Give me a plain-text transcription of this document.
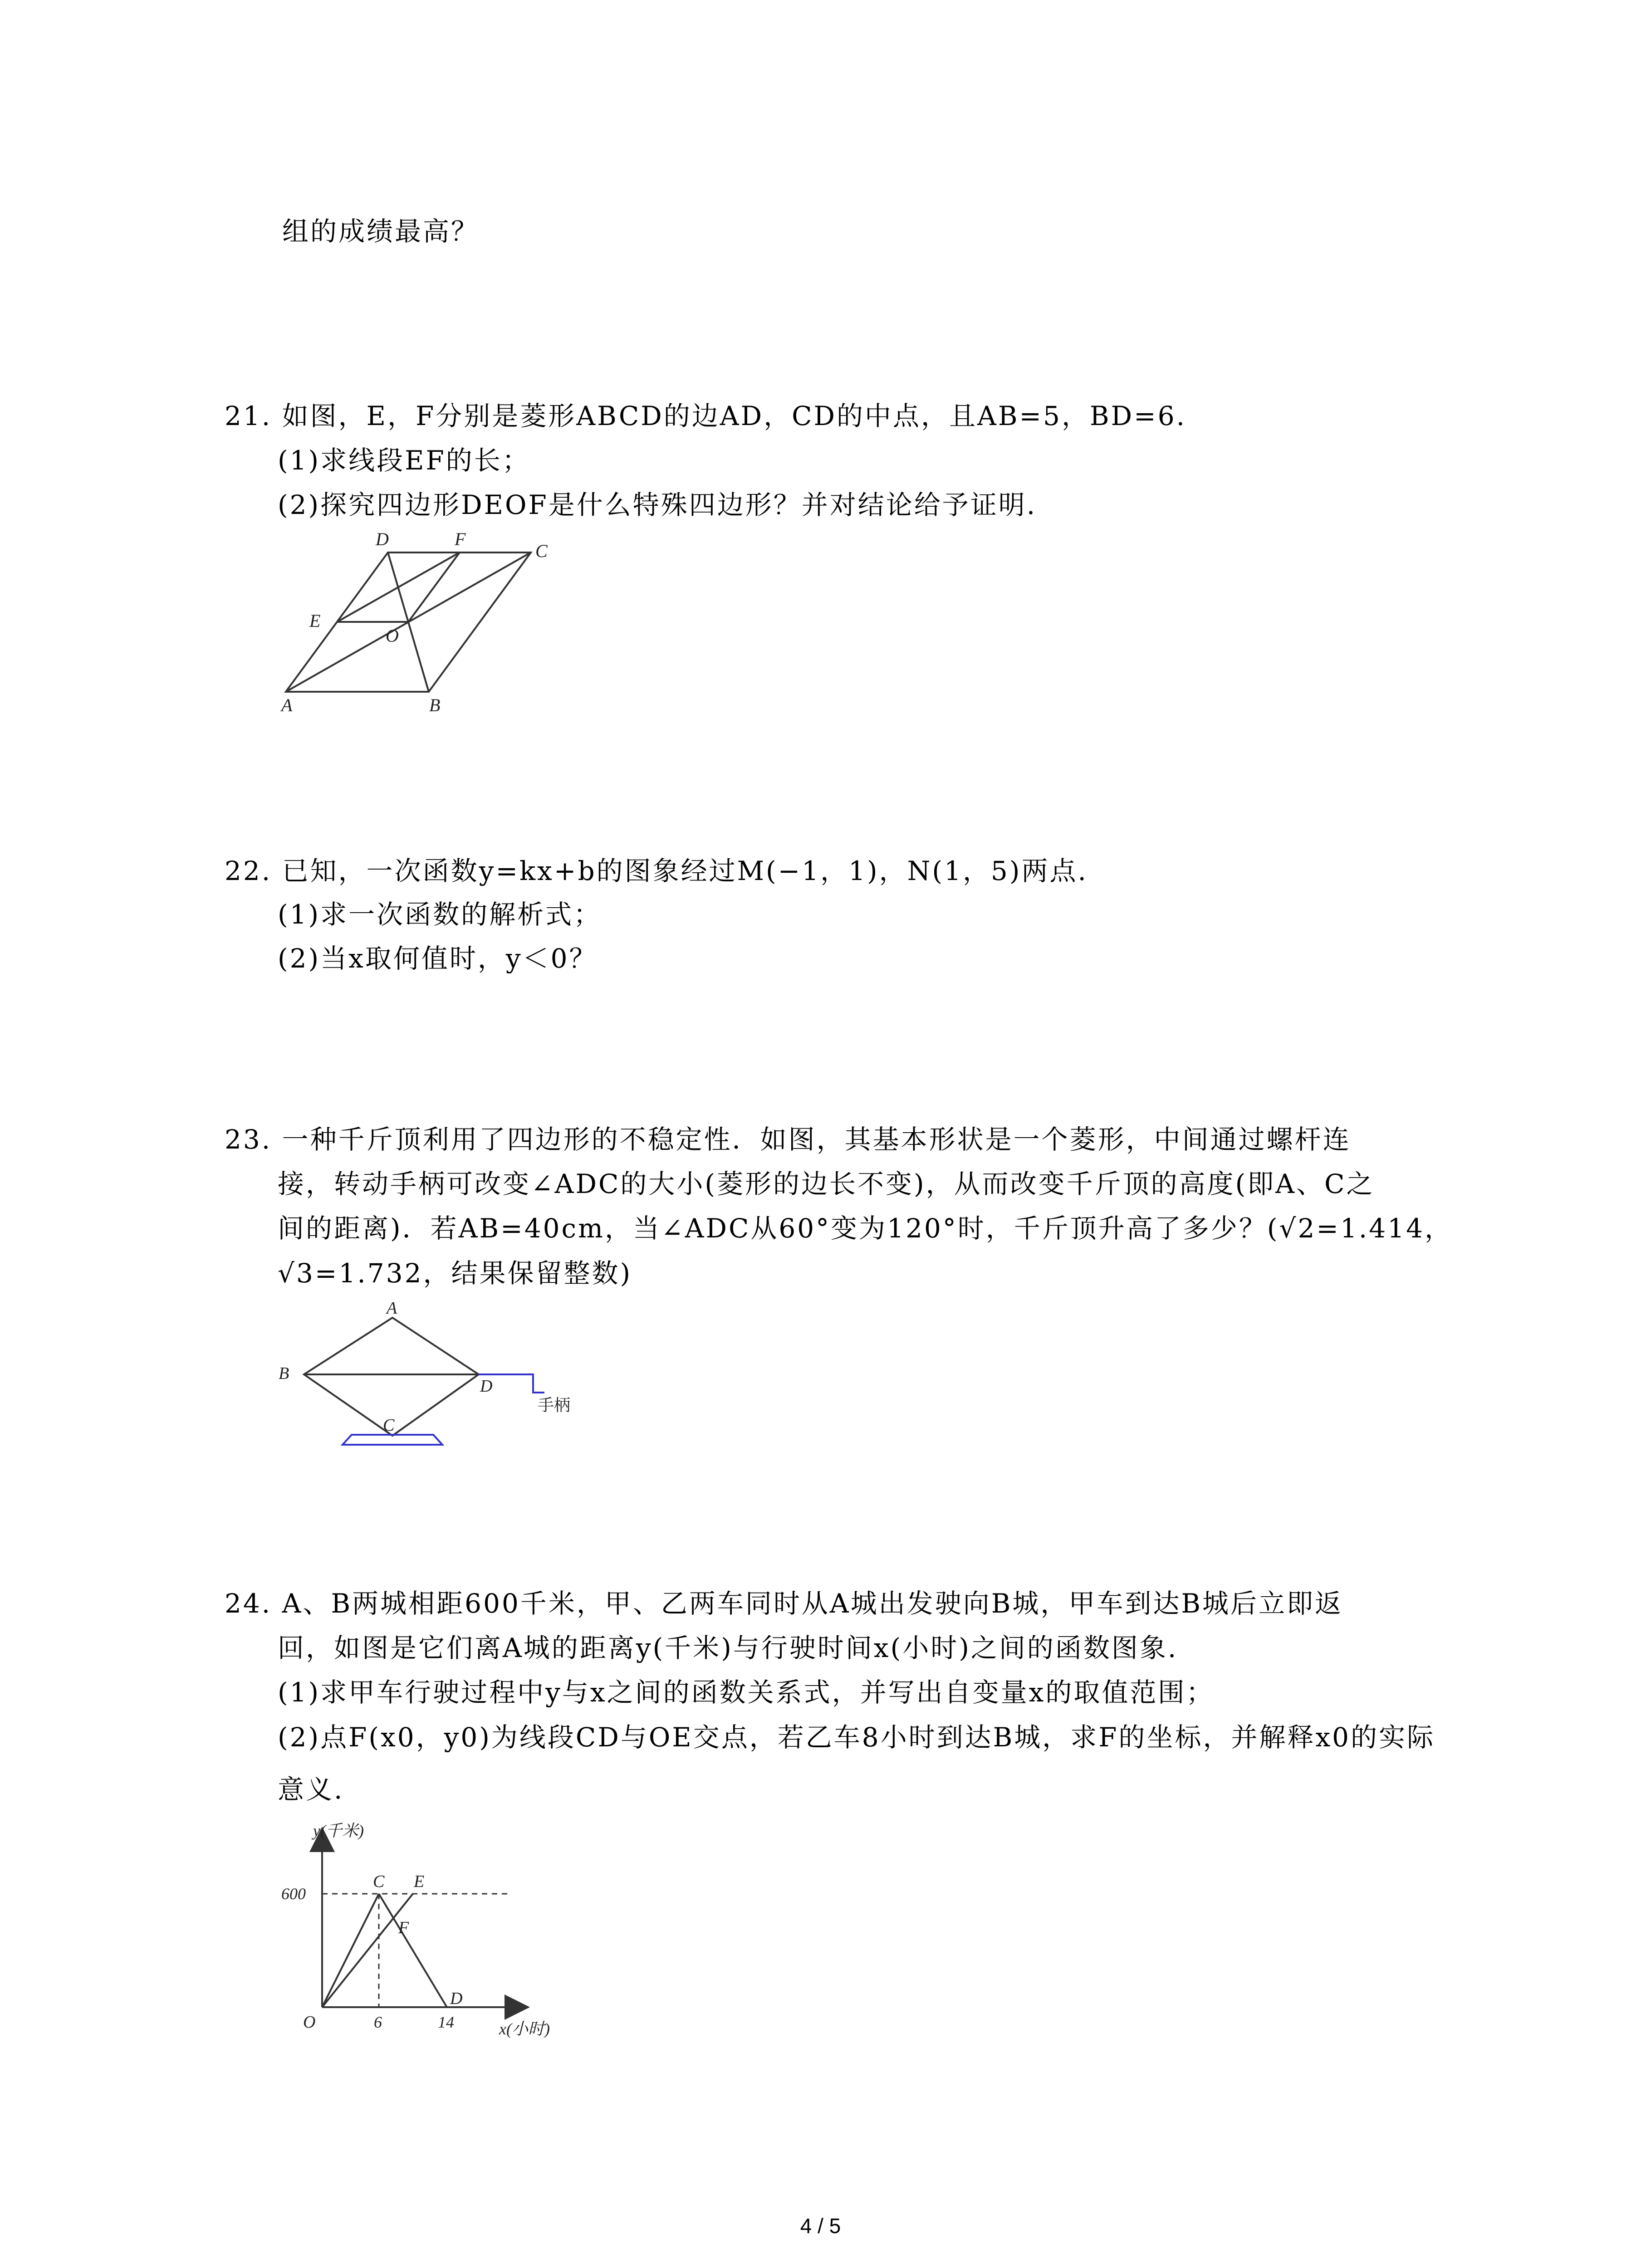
组的成绩最高？
21. 如图，E，F分别是菱形ABCD的边AD，CD的中点，且AB=5，BD=6.
(1)求线段EF的长；
(2)探究四边形DEOF是什么特殊四边形？并对结论给予证明.
D	F
C
E
O
A	B
22. 已知，一次函数y=kx+b的图象经过M(−1，1)，N(1，5)两点.
(1)求一次函数的解析式；
(2)当x取何值时，y＜0？
23. 一种千斤顶利用了四边形的不稳定性．如图，其基本形状是一个菱形，中间通过螺杆连
接，转动手柄可改变∠ADC的大小(菱形的边长不变)，从而改变千斤顶的高度(即A、C之
间的距离)．若AB=40cm，当∠ADC从60°变为120°时，千斤顶升高了多少？(√2=1.414，
√3=1.732，结果保留整数)
A
B
D
C
手柄
24. A、B两城相距600千米，甲、乙两车同时从A城出发驶向B城，甲车到达B城后立即返
回，如图是它们离A城的距离y(千米)与行驶时间x(小时)之间的函数图象.
(1)求甲车行驶过程中y与x之间的函数关系式，并写出自变量x的取值范围；
(2)点F(x0，y0)为线段CD与OE交点，若乙车8小时到达B城，求F的坐标，并解释x0的实际
意义.
y(千米)
x(小时)
600
6	14
O
C E
F
D
4 / 5
